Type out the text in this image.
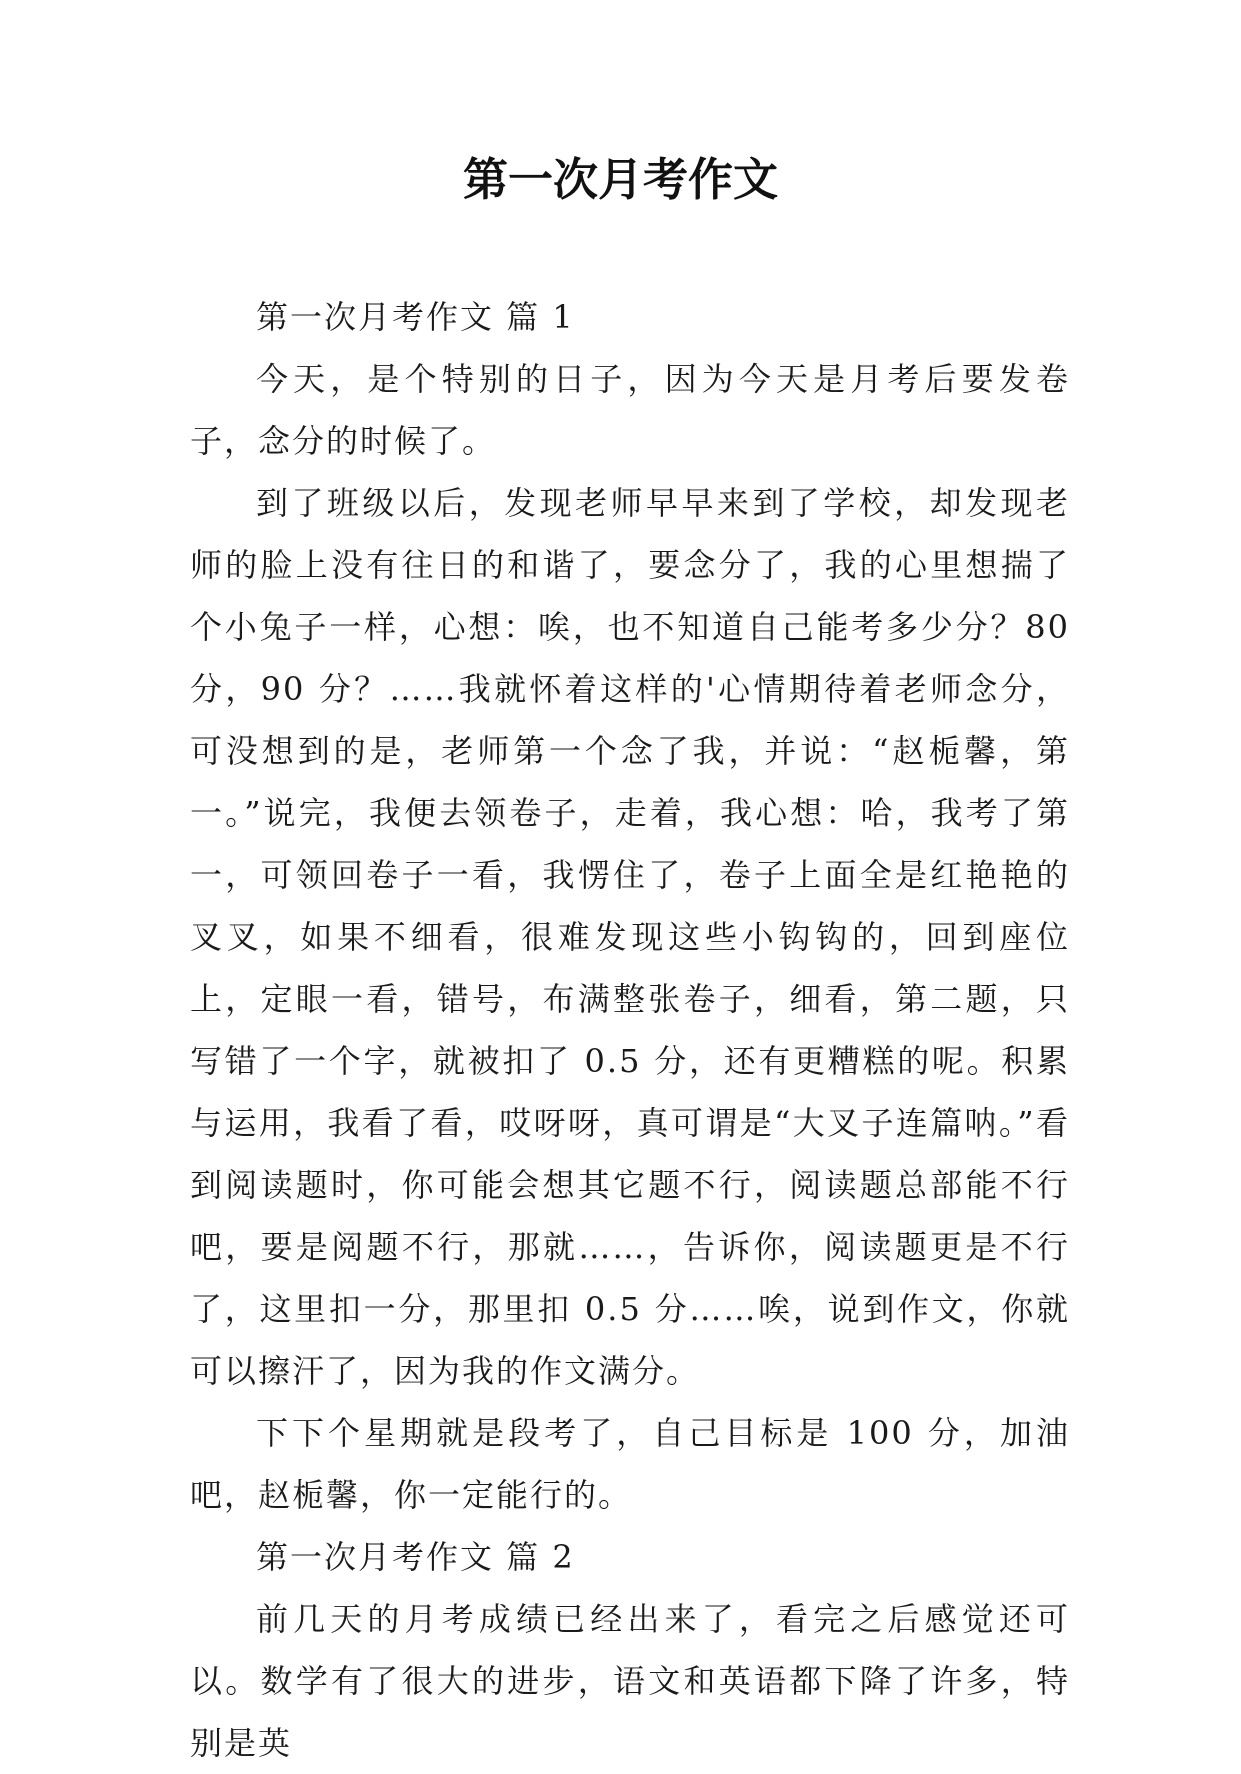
第一次月考作文

第一次月考作文 篇 1

今天，是个特别的日子，因为今天是月考后要发卷子，念分的时候了。

到了班级以后，发现老师早早来到了学校，却发现老师的脸上没有往日的和谐了，要念分了，我的心里想揣了个小兔子一样，心想：唉，也不知道自己能考多少分？80 分，90 分？……我就怀着这样的'心情期待着老师念分，可没想到的是，老师第一个念了我，并说：“赵栀馨，第一。”说完，我便去领卷子，走着，我心想：哈，我考了第一，可领回卷子一看，我愣住了，卷子上面全是红艳艳的叉叉，如果不细看，很难发现这些小钩钩的，回到座位上，定眼一看，错号，布满整张卷子，细看，第二题，只写错了一个字，就被扣了 0.5 分，还有更糟糕的呢。积累与运用，我看了看，哎呀呀，真可谓是“大叉子连篇呐。”看到阅读题时，你可能会想其它题不行，阅读题总部能不行吧，要是阅题不行，那就……，告诉你，阅读题更是不行了，这里扣一分，那里扣 0.5 分……唉，说到作文，你就可以擦汗了，因为我的作文满分。

下下个星期就是段考了，自己目标是 100 分，加油吧，赵栀馨，你一定能行的。

第一次月考作文 篇 2

前几天的月考成绩已经出来了，看完之后感觉还可以。数学有了很大的进步，语文和英语都下降了许多，特别是英
